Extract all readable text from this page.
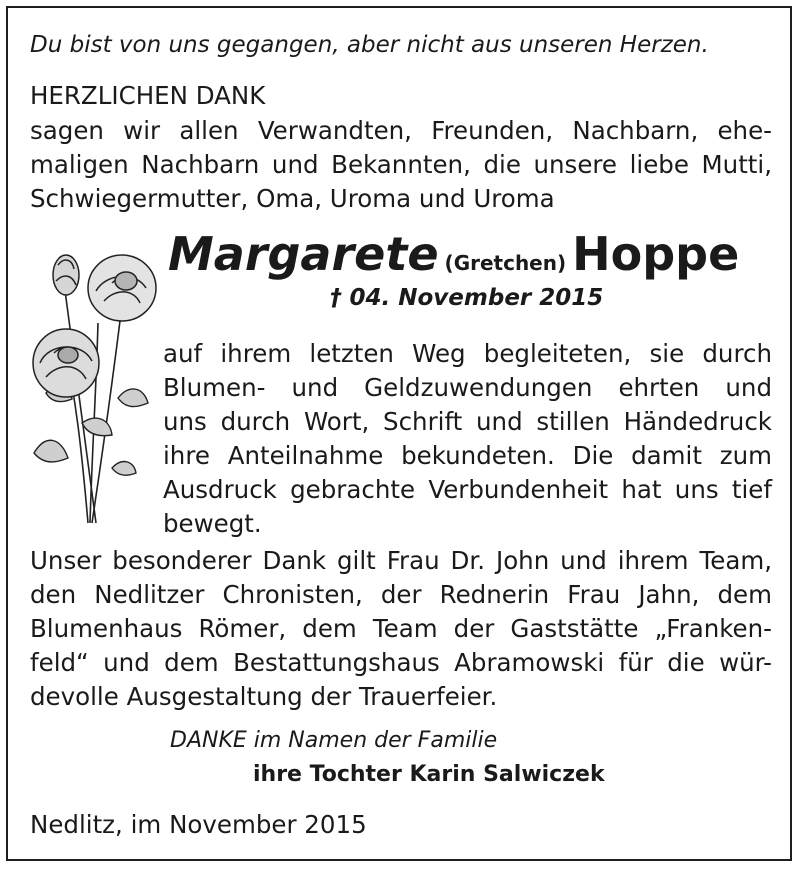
Du bist von uns gegangen, aber nicht aus unseren Herzen.
HERZLICHEN DANK
sagen wir allen Verwandten, Freunden, Nachbarn, ehe-
maligen Nachbarn und Bekannten, die unsere liebe Mutti,
Schwiegermutter, Oma, Uroma und Uroma
Margarete (Gretchen) Hoppe
† 04. November 2015
auf ihrem letzten Weg begleiteten, sie durch
Blumen- und Geldzuwendungen ehrten und
uns durch Wort, Schrift und stillen Händedruck
ihre Anteilnahme bekundeten. Die damit zum
Ausdruck gebrachte Verbundenheit hat uns tief
bewegt.
Unser besonderer Dank gilt Frau Dr. John und ihrem Team,
den Nedlitzer Chronisten, der Rednerin Frau Jahn, dem
Blumenhaus Römer, dem Team der Gaststätte „Franken-
feld“ und dem Bestattungshaus Abramowski für die wür-
devolle Ausgestaltung der Trauerfeier.
DANKE im Namen der Familie
ihre Tochter Karin Salwiczek
Nedlitz, im November 2015
